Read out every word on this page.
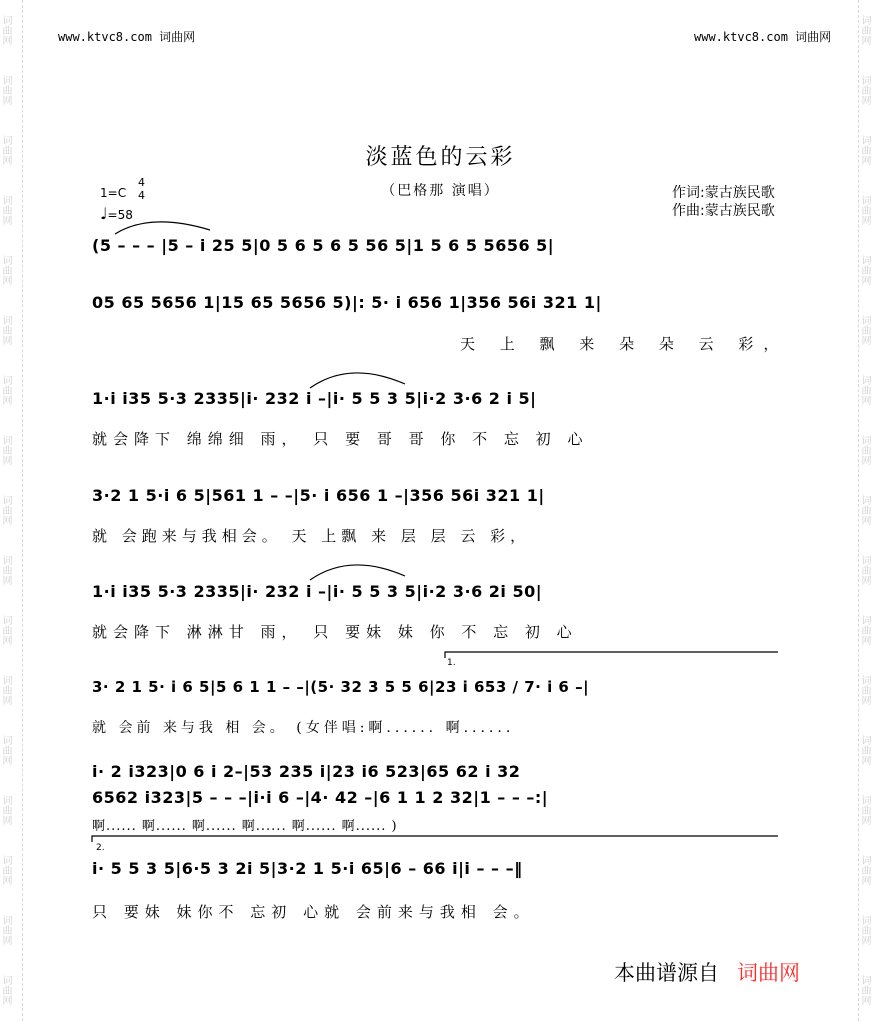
词曲网
词曲网
词曲网
词曲网
词曲网
词曲网
词曲网
词曲网
词曲网
词曲网
词曲网
词曲网
词曲网
词曲网
词曲网
词曲网
词曲网
词曲网
词曲网
词曲网
词曲网
词曲网
词曲网
词曲网
词曲网
词曲网
词曲网
词曲网
词曲网
词曲网
词曲网
词曲网
词曲网
词曲网
www.ktvc8.com 词曲网	www.ktvc8.com 词曲网
淡蓝色的云彩
（巴格那 演唱）	作词:蒙古族民歌
作曲:蒙古族民歌
1=C
4
4
♩=58
(5 – – – |5 – i 25 5|0 5 6 5 6 5 56 5|1 5 6 5 5656 5|
05 65 5656 1|15 65 5656 5)|: 5· i 656 1|356 56i 321 1|
天 上 飘 来 朵 朵 云 彩，
1·i i35 5·3 2335|i· 232 i –|i· 5 5 3 5|i·2 3·6 2 i 5|
就会降下 绵绵细 雨， 只 要 哥 哥 你 不 忘 初 心
3·2 1 5·i 6 5|561 1 – –|5· i 656 1 –|356 56i 321 1|
就 会跑来与我相会。 天 上飘 来 层 层 云 彩，
1·i i35 5·3 2335|i· 232 i –|i· 5 5 3 5|i·2 3·6 2i 50|
就会降下 淋淋甘 雨， 只 要妹 妹 你 不 忘 初 心
3· 2 1 5· i 6 5|5 6 1 1 – –|(5· 32 3 5 5 6|23 i 653 / 7· i 6 –|
就 会前 来与我 相 会。 (女伴唱:啊...... 啊......
i· 2 i323|0 6 i 2–|53 235 i|23 i6 523|65 62 i 32
6562 i323|5 – – –|i·i 6 –|4· 42 –|6 1 1 2 32|1 – – –:|
啊...... 啊...... 啊...... 啊...... 啊...... 啊...... )
i· 5 5 3 5|6·5 3 2i 5|3·2 1 5·i 65|6 – 66 i|i – – –‖
只 要妹 妹你不 忘初 心就 会前来与我相 会。
1.
2.
本曲谱源自 词曲网
